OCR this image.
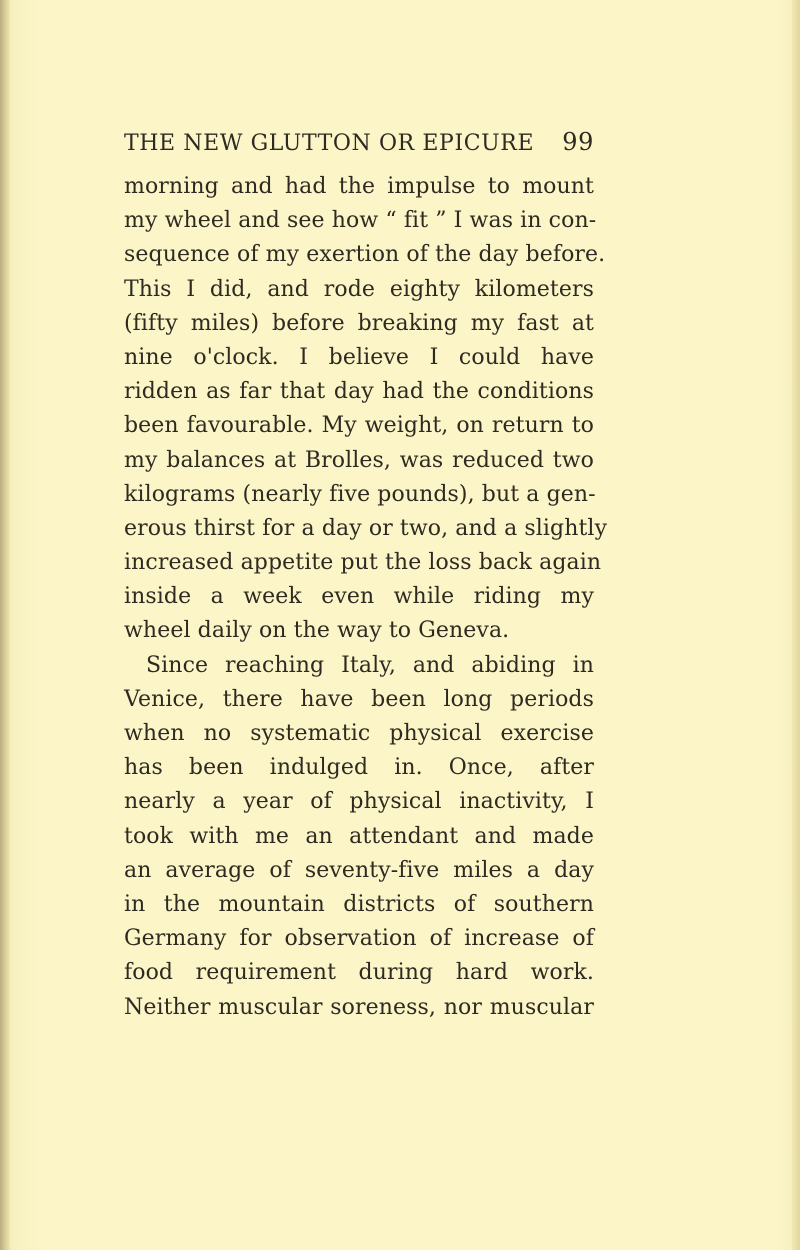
THE NEW GLUTTON OR EPICURE 99
morning and had the impulse to mount
my wheel and see how “ fit ” I was in con-
sequence of my exertion of the day before.
This I did, and rode eighty kilometers
(fifty miles) before breaking my fast at
nine o'clock. I believe I could have
ridden as far that day had the conditions
been favourable. My weight, on return to
my balances at Brolles, was reduced two
kilograms (nearly five pounds), but a gen-
erous thirst for a day or two, and a slightly
increased appetite put the loss back again
inside a week even while riding my
wheel daily on the way to Geneva.
Since reaching Italy, and abiding in
Venice, there have been long periods
when no systematic physical exercise
has been indulged in. Once, after
nearly a year of physical inactivity, I
took with me an attendant and made
an average of seventy-five miles a day
in the mountain districts of southern
Germany for observation of increase of
food requirement during hard work.
Neither muscular soreness, nor muscular
